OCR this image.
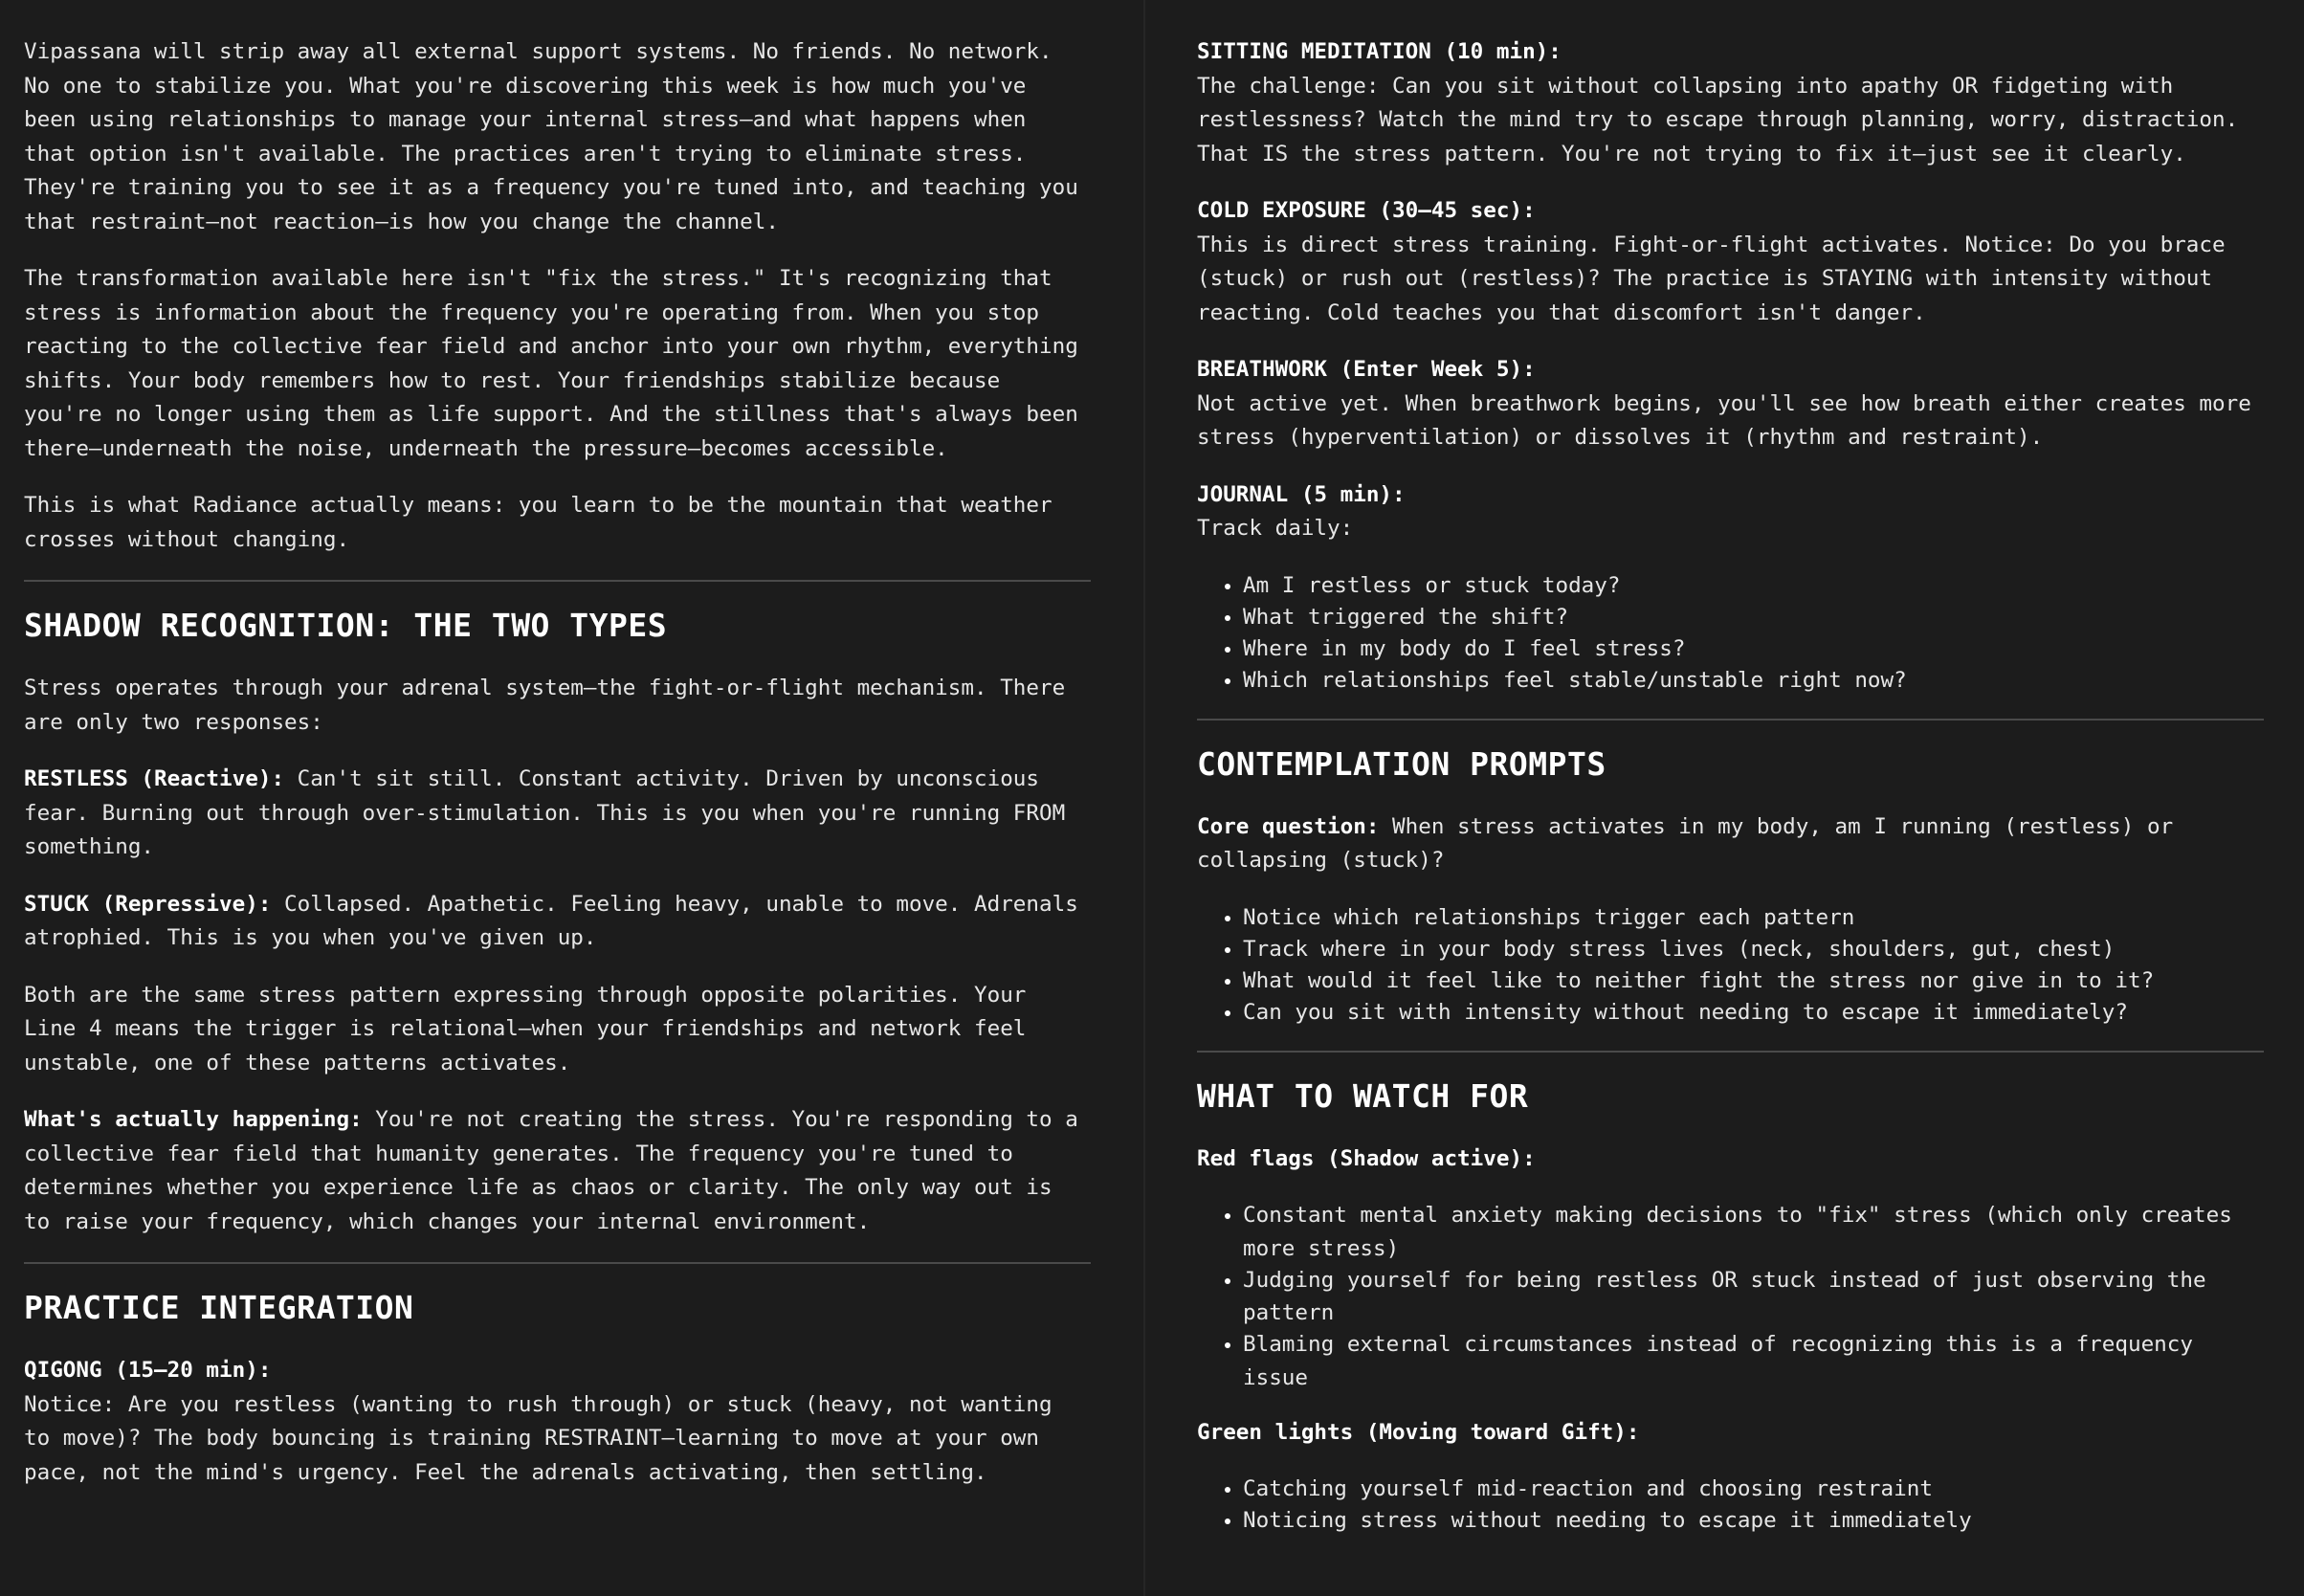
Vipassana will strip away all external support systems. No friends. No network. No one to stabilize you. What you're discovering this week is how much you've been using relationships to manage your internal stress—and what happens when that option isn't available. The practices aren't trying to eliminate stress. They're training you to see it as a frequency you're tuned into, and teaching you that restraint—not reaction—is how you change the channel.

The transformation available here isn't "fix the stress." It's recognizing that stress is information about the frequency you're operating from. When you stop reacting to the collective fear field and anchor into your own rhythm, everything shifts. Your body remembers how to rest. Your friendships stabilize because you're no longer using them as life support. And the stillness that's always been there—underneath the noise, underneath the pressure—becomes accessible.

This is what Radiance actually means: you learn to be the mountain that weather crosses without changing.

SHADOW RECOGNITION: THE TWO TYPES

Stress operates through your adrenal system—the fight-or-flight mechanism. There are only two responses:

RESTLESS (Reactive): Can't sit still. Constant activity. Driven by unconscious fear. Burning out through over-stimulation. This is you when you're running FROM something.

STUCK (Repressive): Collapsed. Apathetic. Feeling heavy, unable to move. Adrenals atrophied. This is you when you've given up.

Both are the same stress pattern expressing through opposite polarities. Your Line 4 means the trigger is relational—when your friendships and network feel unstable, one of these patterns activates.

What's actually happening: You're not creating the stress. You're responding to a collective fear field that humanity generates. The frequency you're tuned to determines whether you experience life as chaos or clarity. The only way out is to raise your frequency, which changes your internal environment.

PRACTICE INTEGRATION

QIGONG (15–20 min):
Notice: Are you restless (wanting to rush through) or stuck (heavy, not wanting to move)? The body bouncing is training RESTRAINT—learning to move at your own pace, not the mind's urgency. Feel the adrenals activating, then settling.

SITTING MEDITATION (10 min):
The challenge: Can you sit without collapsing into apathy OR fidgeting with restlessness? Watch the mind try to escape through planning, worry, distraction. That IS the stress pattern. You're not trying to fix it—just see it clearly.

COLD EXPOSURE (30–45 sec):
This is direct stress training. Fight-or-flight activates. Notice: Do you brace (stuck) or rush out (restless)? The practice is STAYING with intensity without reacting. Cold teaches you that discomfort isn't danger.

BREATHWORK (Enter Week 5):
Not active yet. When breathwork begins, you'll see how breath either creates more stress (hyperventilation) or dissolves it (rhythm and restraint).

JOURNAL (5 min):
Track daily:

• Am I restless or stuck today?
• What triggered the shift?
• Where in my body do I feel stress?
• Which relationships feel stable/unstable right now?
CONTEMPLATION PROMPTS

Core question: When stress activates in my body, am I running (restless) or collapsing (stuck)?

• Notice which relationships trigger each pattern
• Track where in your body stress lives (neck, shoulders, gut, chest)
• What would it feel like to neither fight the stress nor give in to it?
• Can you sit with intensity without needing to escape it immediately?
WHAT TO WATCH FOR

Red flags (Shadow active):

• Constant mental anxiety making decisions to "fix" stress (which only creates more stress)
• Judging yourself for being restless OR stuck instead of just observing the pattern
• Blaming external circumstances instead of recognizing this is a frequency issue

Green lights (Moving toward Gift):

• Catching yourself mid-reaction and choosing restraint
• Noticing stress without needing to escape it immediately
